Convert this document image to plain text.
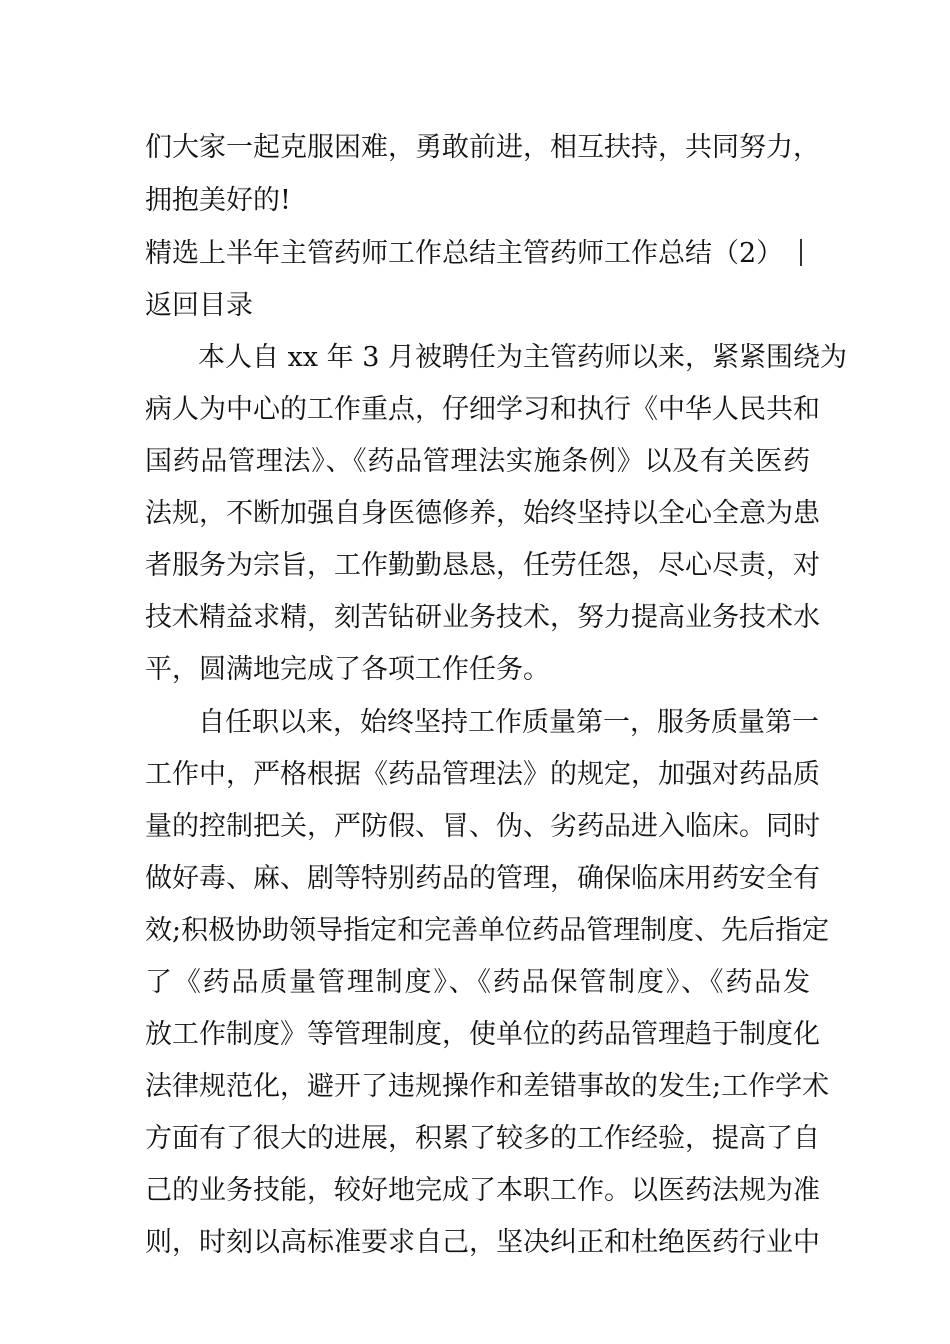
们大家一起克服困难，勇敢前进，相互扶持，共同努力，
拥抱美好的!
精选上半年主管药师工作总结主管药师工作总结（2）
返回目录
本人自 xx 年 3 月被聘任为主管药师以来，紧紧围绕为
病人为中心的工作重点，仔细学习和执行《中华人民共和
国药品管理法》、《药品管理法实施条例》以及有关医药
法规，不断加强自身医德修养，始终坚持以全心全意为患
者服务为宗旨，工作勤勤恳恳，任劳任怨，尽心尽责，对
技术精益求精，刻苦钻研业务技术，努力提高业务技术水
平，圆满地完成了各项工作任务。
自任职以来，始终坚持工作质量第一，服务质量第一
工作中，严格根据《药品管理法》的规定，加强对药品质
量的控制把关，严防假、冒、伪、劣药品进入临床。同时
做好毒、麻、剧等特别药品的管理，确保临床用药安全有
效;积极协助领导指定和完善单位药品管理制度、先后指定
了《药品质量管理制度》、《药品保管制度》、《药品发
放工作制度》等管理制度，使单位的药品管理趋于制度化
法律规范化，避开了违规操作和差错事故的发生;工作学术
方面有了很大的进展，积累了较多的工作经验，提高了自
己的业务技能，较好地完成了本职工作。以医药法规为准
则，时刻以高标准要求自己，坚决纠正和杜绝医药行业中
